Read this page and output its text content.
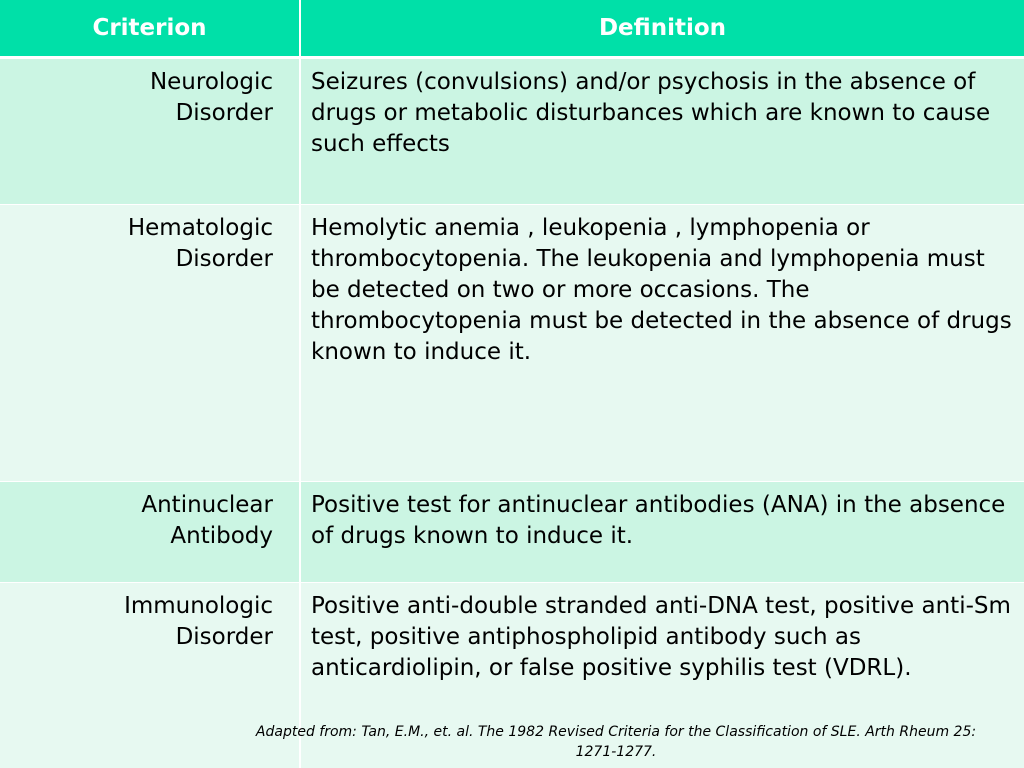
Criterion	Definition
Neurologic
Disorder	Seizures (convulsions) and/or psychosis in the absence of drugs or metabolic disturbances which are known to cause such effects
Hematologic
Disorder	Hemolytic anemia , leukopenia , lymphopenia or thrombocytopenia. The leukopenia and lymphopenia must be detected on two or more occasions. The thrombocytopenia must be detected in the absence of drugs known to induce it.
Antinuclear
Antibody	Positive test for antinuclear antibodies (ANA) in the absence of drugs known to induce it.
Immunologic
Disorder	Positive anti-double stranded anti-DNA test, positive anti-Sm test, positive antiphospholipid antibody such as anticardiolipin, or false positive syphilis test (VDRL).
Adapted from: Tan, E.M., et. al. The 1982 Revised Criteria for the Classification of SLE. Arth Rheum 25: 1271-1277.
